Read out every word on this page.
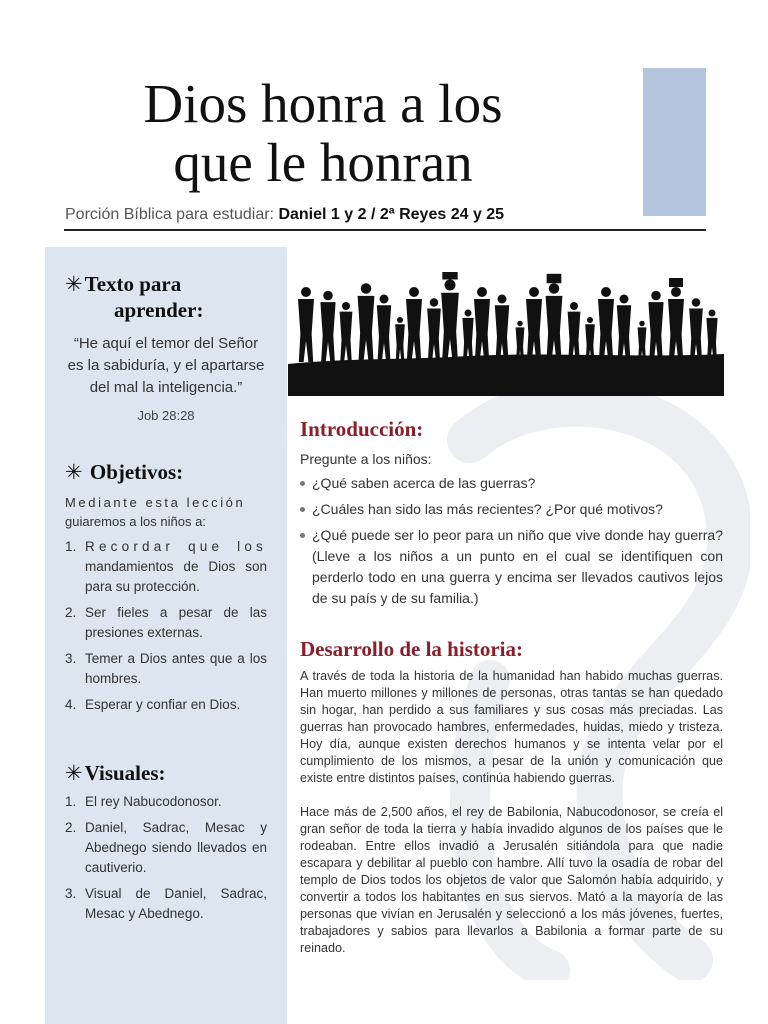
Dios honra a los
que le honran
Porción Bíblica para estudiar: Daniel 1 y 2 / 2ª Reyes 24 y 25
✳Texto para
aprender:

“He aquí el temor del Señor es la sabiduría, y el apartarse del mal la inteligencia.”

Job 28:28

✳ Objetivos:

Mediante esta lección
guiaremos a los niños a:

1. Recordar que los mandamientos de Dios son para su protección.
2. Ser fieles a pesar de las presiones externas.
3. Temer a Dios antes que a los hombres.
4. Esperar y confiar en Dios.
✳Visuales:
1. El rey Nabucodonosor.
2. Daniel, Sadrac, Mesac y Abednego siendo llevados en cautiverio.
3. Visual de Daniel, Sadrac, Mesac y Abednego.
Introducción:

Pregunte a los niños:

¿Qué saben acerca de las guerras?
¿Cuáles han sido las más recientes? ¿Por qué motivos?
¿Qué puede ser lo peor para un niño que vive donde hay guerra? (Lleve a los niños a un punto en el cual se identifiquen con perderlo todo en una guerra y encima ser llevados cautivos lejos de su país y de su familia.)
Desarrollo de la historia:

A través de toda la historia de la humanidad han habido muchas guerras. Han muerto millones y millones de personas, otras tantas se han quedado sin hogar, han perdido a sus familiares y sus cosas más preciadas. Las guerras han provocado hambres, enfermedades, huidas, miedo y tristeza. Hoy día, aunque existen derechos humanos y se intenta velar por el cumplimiento de los mismos, a pesar de la unión y comunicación que existe entre distintos países, continúa habiendo guerras.

Hace más de 2,500 años, el rey de Babilonia, Nabucodonosor, se creía el gran señor de toda la tierra y había invadido algunos de los países que le rodeaban. Entre ellos invadió a Jerusalén sitiándola para que nadie escapara y debilitar al pueblo con hambre. Allí tuvo la osadía de robar del templo de Dios todos los objetos de valor que Salomón había adquirido, y convertir a todos los habitantes en sus siervos. Mató a la mayoría de las personas que vivían en Jerusalén y seleccionó a los más jóvenes, fuertes, trabajadores y sabios para llevarlos a Babilonia a formar parte de su reinado.
